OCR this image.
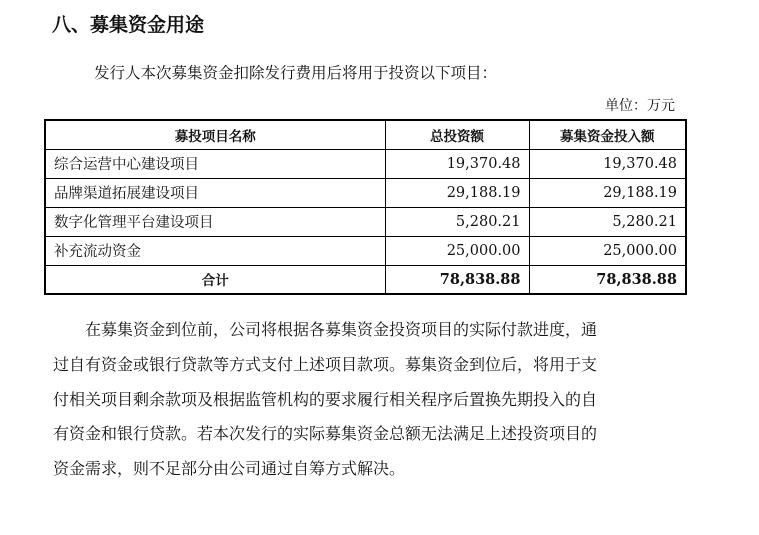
八、募集资金用途
发行人本次募集资金扣除发行费用后将用于投资以下项目：
单位：万元
募投项目名称	总投资额	募集资金投入额
综合运营中心建设项目	19,370.48	19,370.48
品牌渠道拓展建设项目	29,188.19	29,188.19
数字化管理平台建设项目	5,280.21	5,280.21
补充流动资金	25,000.00	25,000.00
合计	78,838.88	78,838.88
　　在募集资金到位前，公司将根据各募集资金投资项目的实际付款进度，通
过自有资金或银行贷款等方式支付上述项目款项。募集资金到位后，将用于支
付相关项目剩余款项及根据监管机构的要求履行相关程序后置换先期投入的自
有资金和银行贷款。若本次发行的实际募集资金总额无法满足上述投资项目的
资金需求，则不足部分由公司通过自筹方式解决。
